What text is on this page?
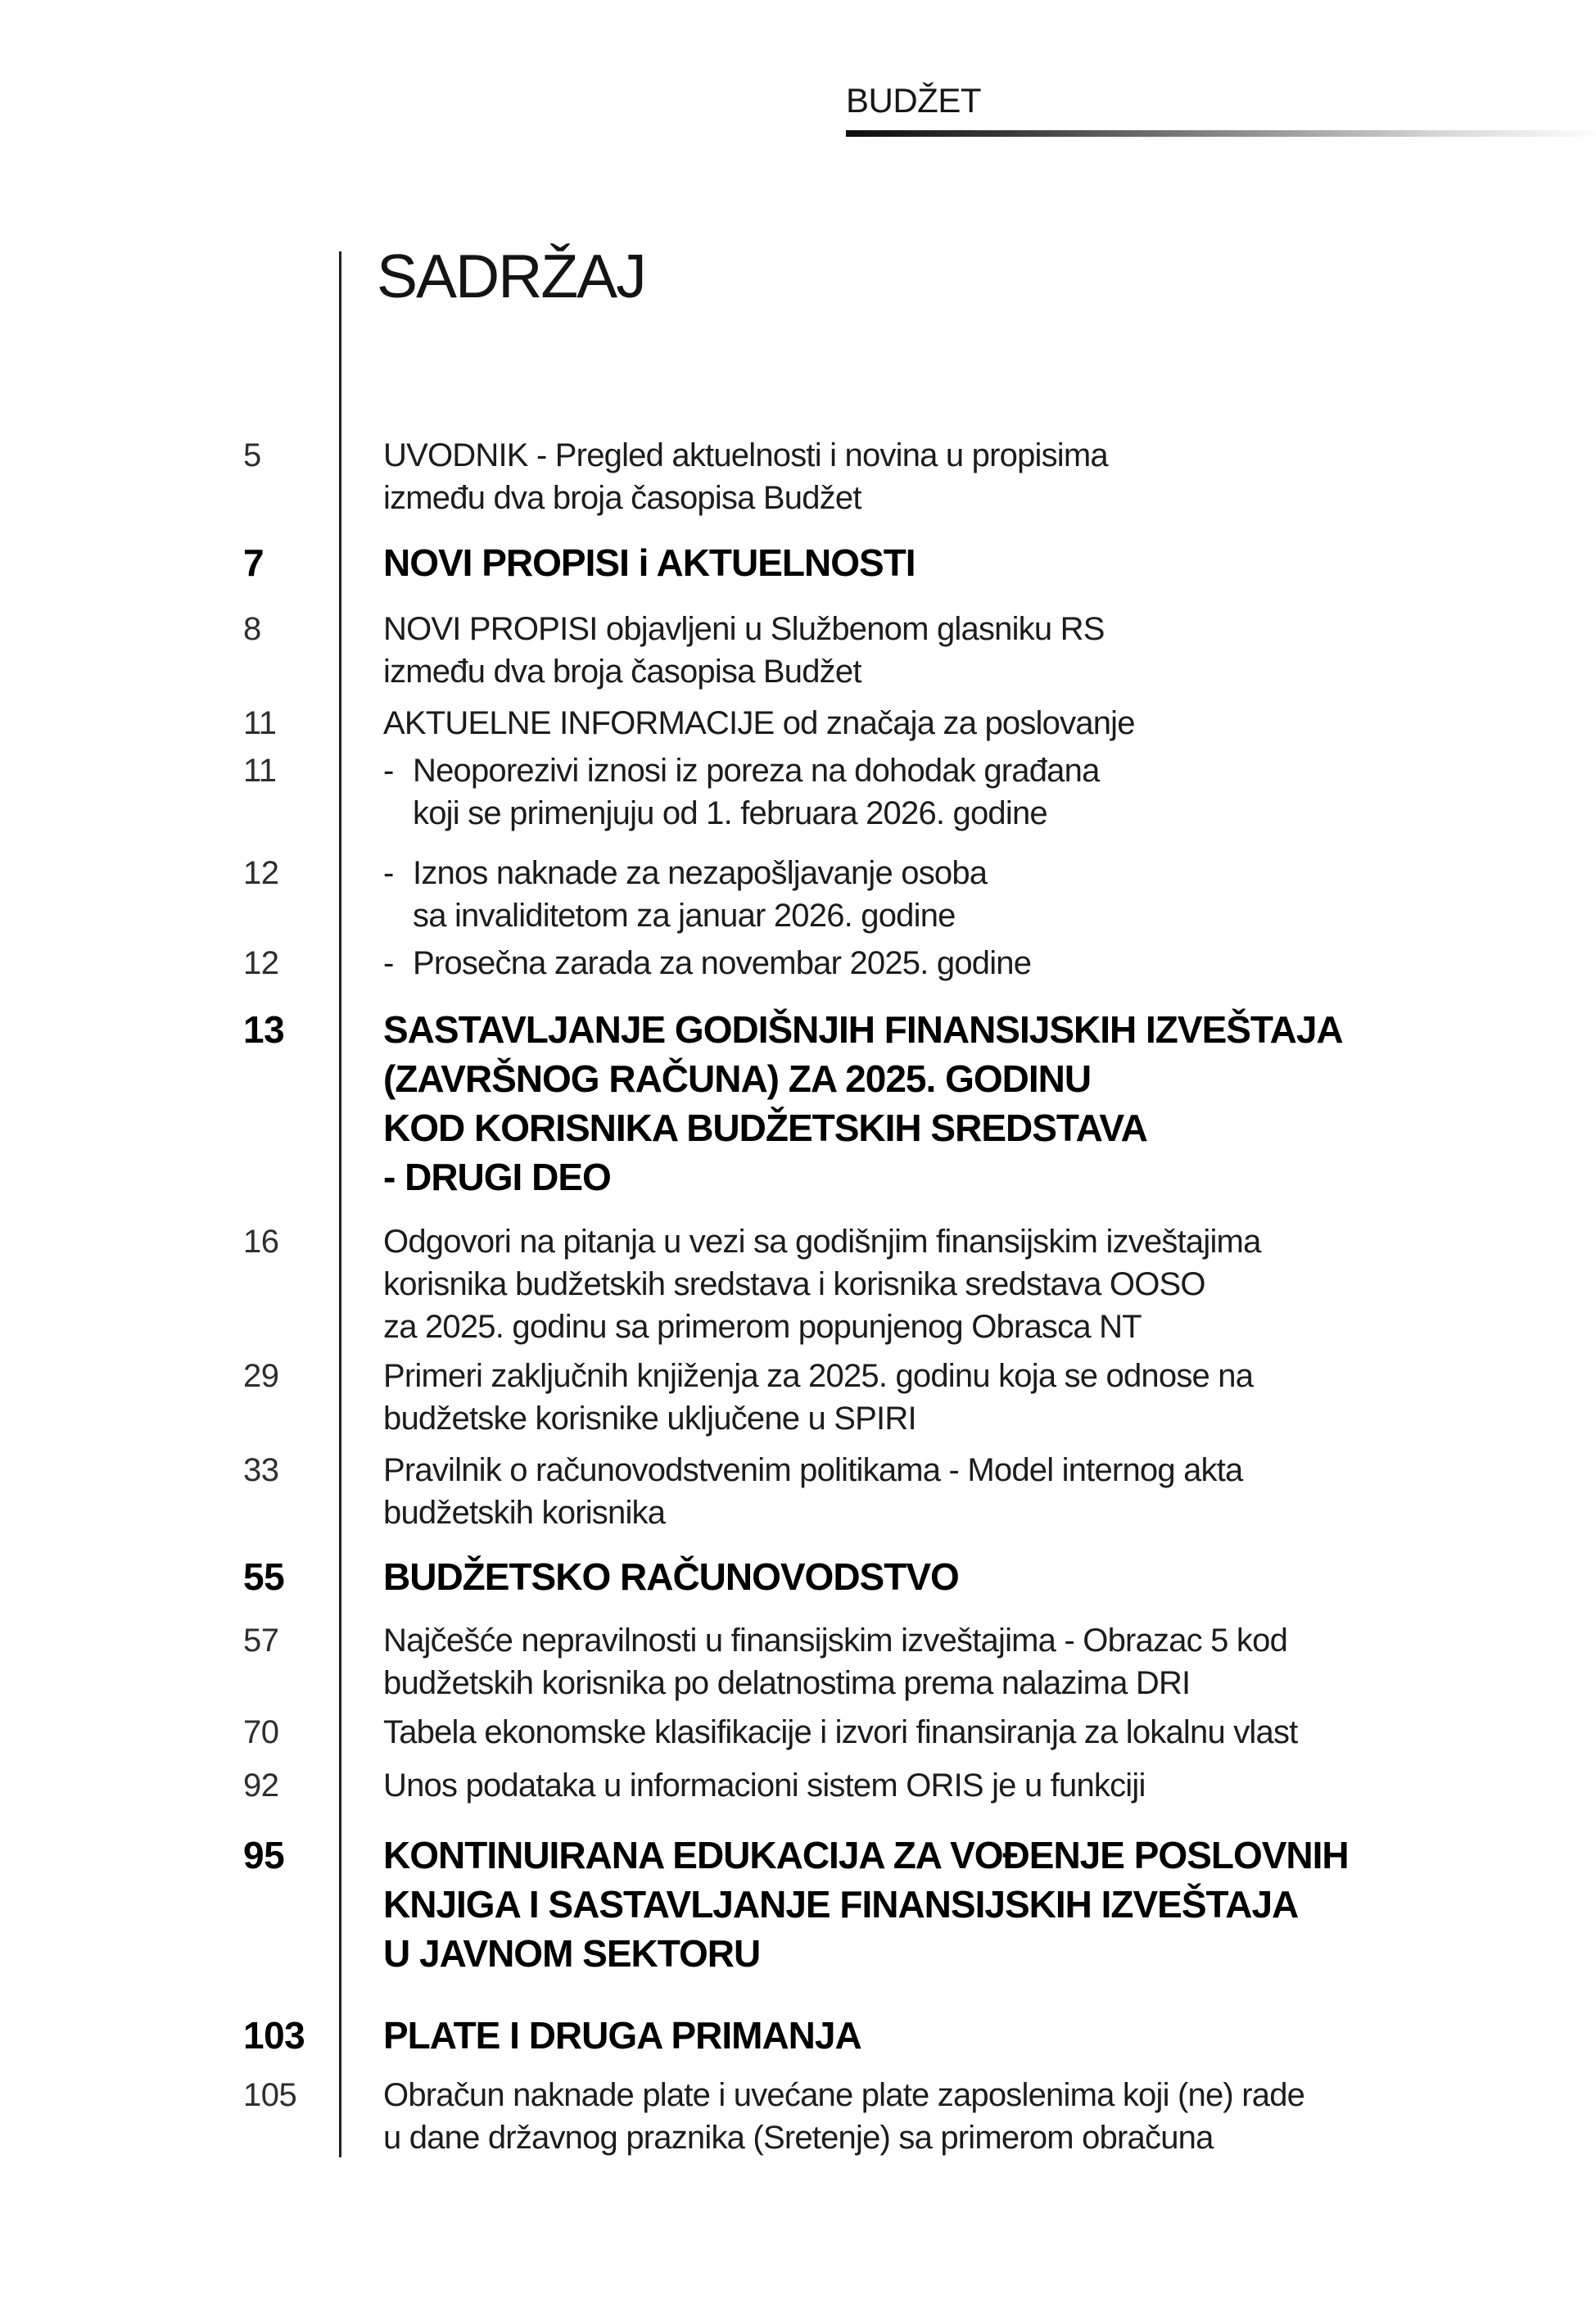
BUDŽET
SADRŽAJ
5	UVODNIK - Pregled aktuelnosti i novina u propisima
između dva broja časopisa Budžet
7	NOVI PROPISI i AKTUELNOSTI
8	NOVI PROPISI objavljeni u Službenom glasniku RS
između dva broja časopisa Budžet
11	AKTUELNE INFORMACIJE od značaja za poslovanje
11	- Neoporezivi iznosi iz poreza na dohodak građana
koji se primenjuju od 1. februara 2026. godine
12	- Iznos naknade za nezapošljavanje osoba
sa invaliditetom za januar 2026. godine
12	- Prosečna zarada za novembar 2025. godine
13	SASTAVLJANJE GODIŠNJIH FINANSIJSKIH IZVEŠTAJA
(ZAVRŠNOG RAČUNA) ZA 2025. GODINU
KOD KORISNIKA BUDŽETSKIH SREDSTAVA
- DRUGI DEO
16	Odgovori na pitanja u vezi sa godišnjim finansijskim izveštajima
korisnika budžetskih sredstava i korisnika sredstava OOSO
za 2025. godinu sa primerom popunjenog Obrasca NT
29	Primeri zaključnih knjiženja za 2025. godinu koja se odnose na
budžetske korisnike uključene u SPIRI
33	Pravilnik o računovodstvenim politikama - Model internog akta
budžetskih korisnika
55	BUDŽETSKO RAČUNOVODSTVO
57	Najčešće nepravilnosti u finansijskim izveštajima - Obrazac 5 kod
budžetskih korisnika po delatnostima prema nalazima DRI
70	Tabela ekonomske klasifikacije i izvori finansiranja za lokalnu vlast
92	Unos podataka u informacioni sistem ORIS je u funkciji
95	KONTINUIRANA EDUKACIJA ZA VOĐENJE POSLOVNIH
KNJIGA I SASTAVLJANJE FINANSIJSKIH IZVEŠTAJA
U JAVNOM SEKTORU
103	PLATE I DRUGA PRIMANJA
105	Obračun naknade plate i uvećane plate zaposlenima koji (ne) rade
u dane državnog praznika (Sretenje) sa primerom obračuna
